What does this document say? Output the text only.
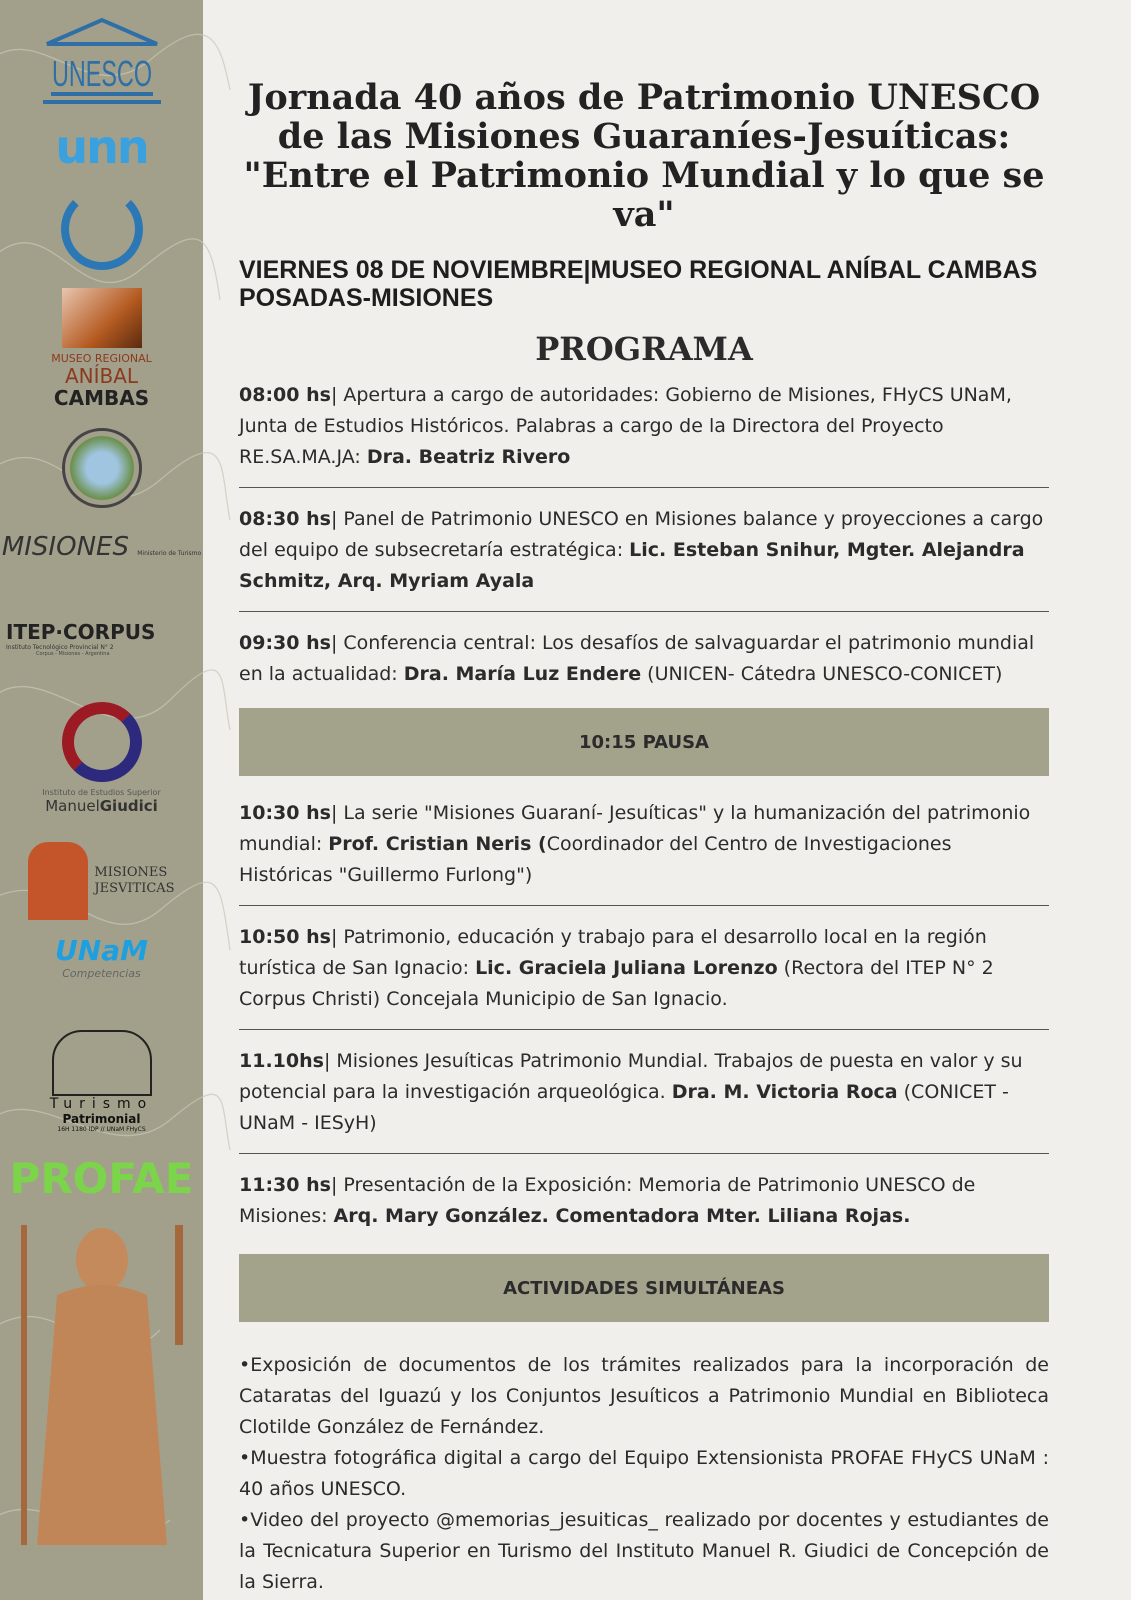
UNESCO
unn
MUSEO REGIONAL
ANÍBAL
CAMBAS
MISIONES Ministerio de Turismo
ITEP·CORPUS
Instituto Tecnológico Provincial N° 2
Corpus - Misiones - Argentina
Instituto de Estudios Superior
ManuelGiudici
MISIONES
JESVITICAS
UNaM
Competencias
Turismo
Patrimonial
16H 1180 IDP // UNaM FHyCS
PROFAE
Jornada 40 años de Patrimonio UNESCO
de las Misiones Guaraníes-Jesuíticas:
"Entre el Patrimonio Mundial y lo que se va"
VIERNES 08 DE NOVIEMBRE|MUSEO REGIONAL ANÍBAL CAMBAS
POSADAS-MISIONES
PROGRAMA
08:00 hs| Apertura a cargo de autoridades: Gobierno de Misiones, FHyCS UNaM, Junta de Estudios Históricos. Palabras a cargo de la Directora del Proyecto RE.SA.MA.JA: Dra. Beatriz Rivero
08:30 hs| Panel de Patrimonio UNESCO en Misiones balance y proyecciones a cargo del equipo de subsecretaría estratégica: Lic. Esteban Snihur, Mgter. Alejandra Schmitz, Arq. Myriam Ayala
09:30 hs| Conferencia central: Los desafíos de salvaguardar el patrimonio mundial en la actualidad: Dra. María Luz Endere (UNICEN- Cátedra UNESCO-CONICET)
10:15 PAUSA
10:30 hs| La serie "Misiones Guaraní- Jesuíticas" y la humanización del patrimonio mundial: Prof. Cristian Neris (Coordinador del Centro de Investigaciones Históricas "Guillermo Furlong")
10:50 hs| Patrimonio, educación y trabajo para el desarrollo local en la región turística de San Ignacio: Lic. Graciela Juliana Lorenzo (Rectora del ITEP N° 2 Corpus Christi) Concejala Municipio de San Ignacio.
11.10hs| Misiones Jesuíticas Patrimonio Mundial. Trabajos de puesta en valor y su potencial para la investigación arqueológica. Dra. M. Victoria Roca (CONICET -UNaM - IESyH)
11:30 hs| Presentación de la Exposición: Memoria de Patrimonio UNESCO de Misiones: Arq. Mary González. Comentadora Mter. Liliana Rojas.
ACTIVIDADES SIMULTÁNEAS

•Exposición de documentos de los trámites realizados para la incorporación de Cataratas del Iguazú y los Conjuntos Jesuíticos a Patrimonio Mundial en Biblioteca Clotilde González de Fernández.

•Muestra fotográfica digital a cargo del Equipo Extensionista PROFAE FHyCS UNaM : 40 años UNESCO.

•Video del proyecto @memorias_jesuiticas_ realizado por docentes y estudiantes de la Tecnicatura Superior en Turismo del Instituto Manuel R. Giudici de Concepción de la Sierra.
